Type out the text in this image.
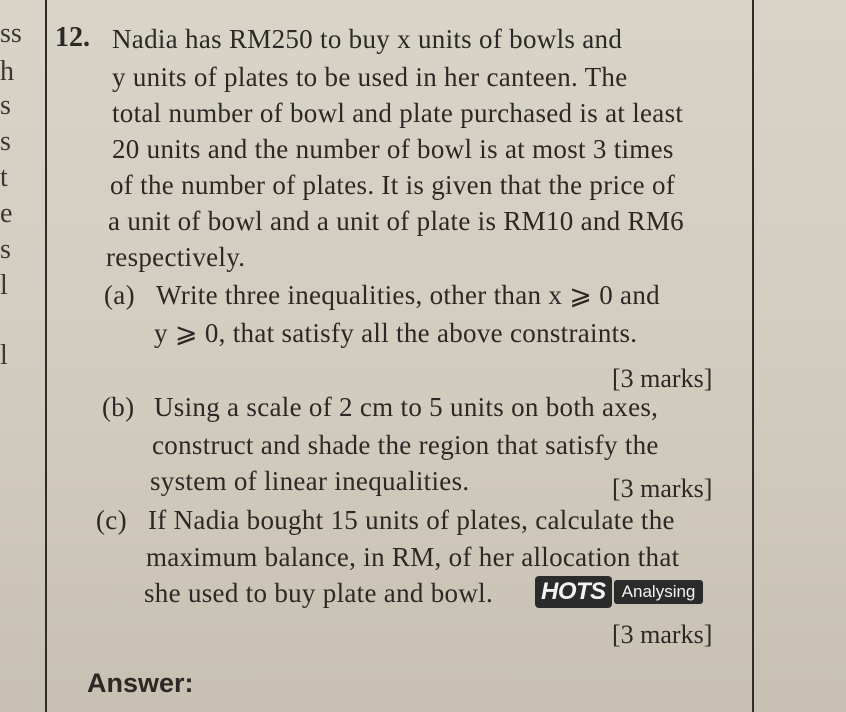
ss
h
s
s
t
e
s
l
l
12. Nadia has RM250 to buy x units of bowls and
y units of plates to be used in her canteen. The
total number of bowl and plate purchased is at least
20 units and the number of bowl is at most 3 times
of the number of plates. It is given that the price of
a unit of bowl and a unit of plate is RM10 and RM6
respectively.
(a) Write three inequalities, other than x ⩾ 0 and
y ⩾ 0, that satisfy all the above constraints.
[3 marks]
(b) Using a scale of 2 cm to 5 units on both axes,
construct and shade the region that satisfy the
system of linear inequalities.	[3 marks]
(c) If Nadia bought 15 units of plates, calculate the
maximum balance, in RM, of her allocation that
she used to buy plate and bowl. HOTS Analysing
[3 marks]
Answer:
